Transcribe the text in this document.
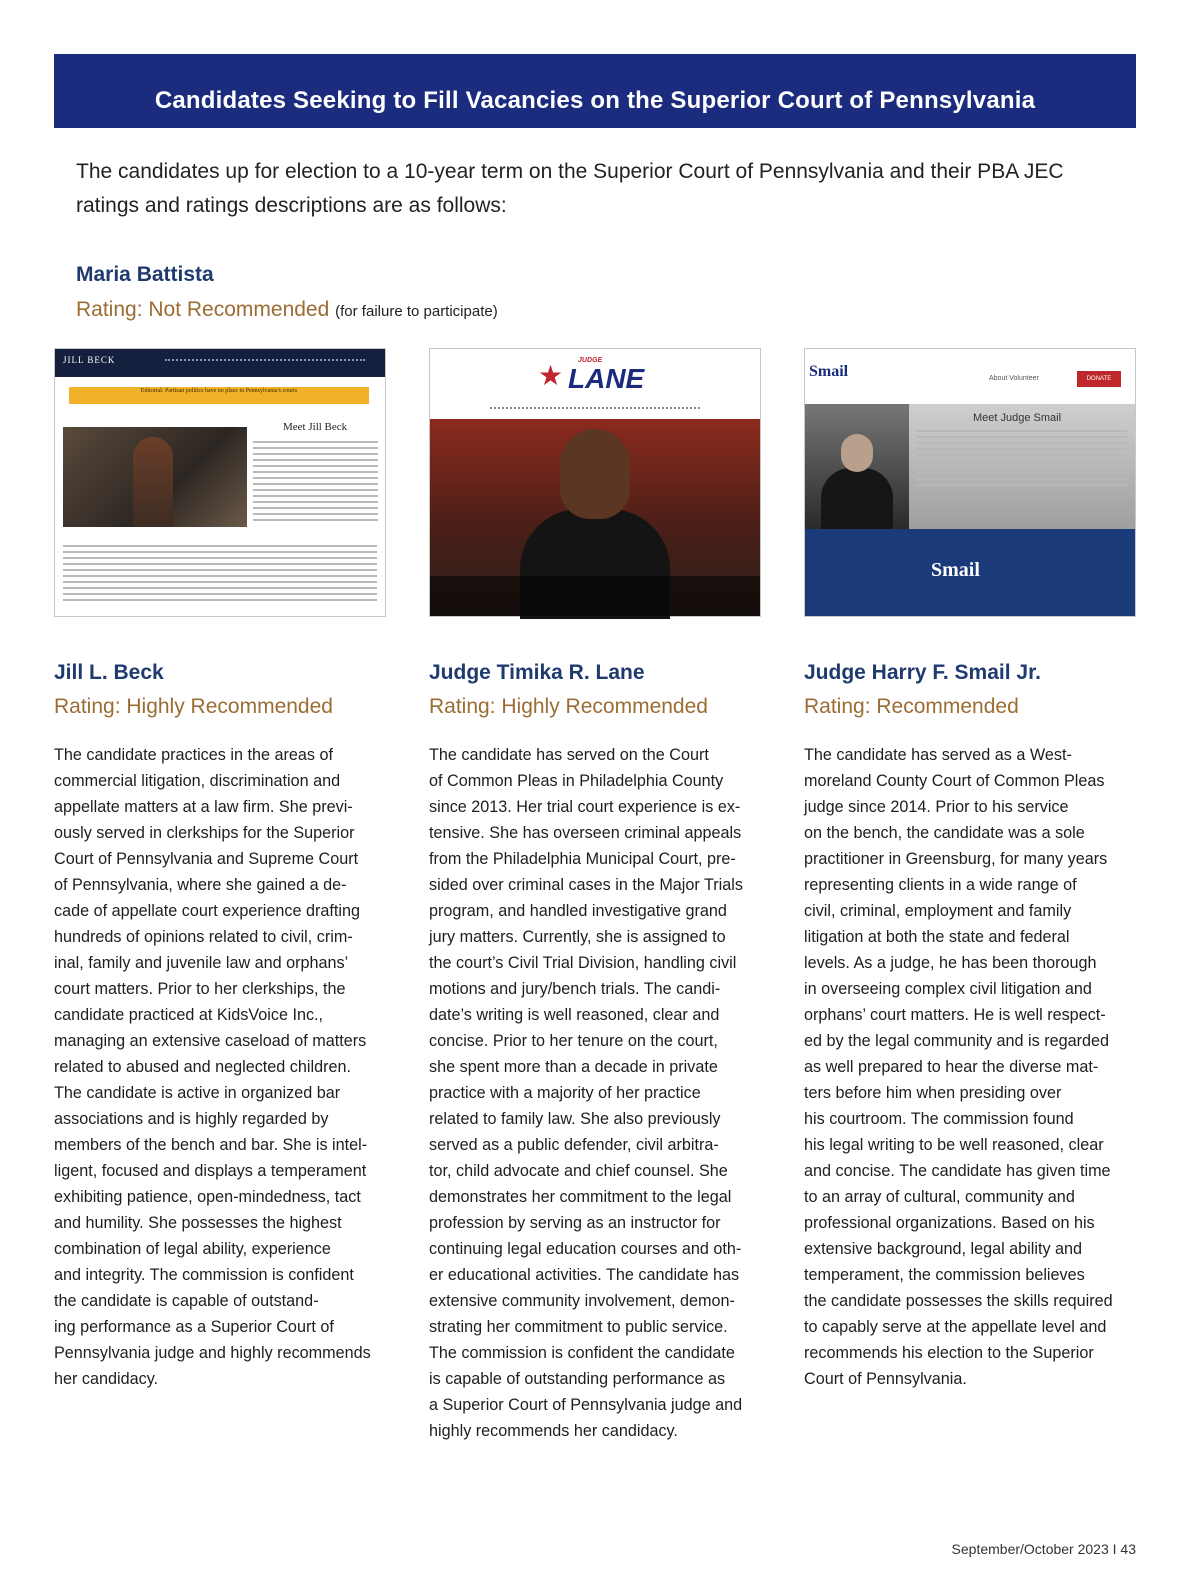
Candidates Seeking to Fill Vacancies on the Superior Court of Pennsylvania

The candidates up for election to a 10-year term on the Superior Court of Pennsylvania and their PBA JEC ratings and ratings descriptions are as follows:

Maria Battista

Rating: Not Recommended (for failure to participate)

JILL BECK
Editorial: Partisan politics have no place in Pennsylvania's courts
Meet Jill Beck
★ JUDGE
LANE
A Life of Public Service
Smail	About Volunteer	DONATE
Meet Judge Smail
Smail

Jill L. Beck

Rating: Highly Recommended

The candidate practices in the areas of
commercial litigation, discrimination and
appellate matters at a law firm. She previ-
ously served in clerkships for the Superior
Court of Pennsylvania and Supreme Court
of Pennsylvania, where she gained a de-
cade of appellate court experience drafting
hundreds of opinions related to civil, crim-
inal, family and juvenile law and orphans’
court matters. Prior to her clerkships, the
candidate practiced at KidsVoice Inc.,
managing an extensive caseload of matters
related to abused and neglected children.
The candidate is active in organized bar
associations and is highly regarded by
members of the bench and bar. She is intel-
ligent, focused and displays a temperament
exhibiting patience, open-mindedness, tact
and humility. She possesses the highest
combination of legal ability, experience
and integrity. The commission is confident
the candidate is capable of outstand-
ing performance as a Superior Court of
Pennsylvania judge and highly recommends
her candidacy.

Judge Timika R. Lane

Rating: Highly Recommended

The candidate has served on the Court
of Common Pleas in Philadelphia County
since 2013. Her trial court experience is ex-
tensive. She has overseen criminal appeals
from the Philadelphia Municipal Court, pre-
sided over criminal cases in the Major Trials
program, and handled investigative grand
jury matters. Currently, she is assigned to
the court’s Civil Trial Division, handling civil
motions and jury/bench trials. The candi-
date’s writing is well reasoned, clear and
concise. Prior to her tenure on the court,
she spent more than a decade in private
practice with a majority of her practice
related to family law. She also previously
served as a public defender, civil arbitra-
tor, child advocate and chief counsel. She
demonstrates her commitment to the legal
profession by serving as an instructor for
continuing legal education courses and oth-
er educational activities. The candidate has
extensive community involvement, demon-
strating her commitment to public service.
The commission is confident the candidate
is capable of outstanding performance as
a Superior Court of Pennsylvania judge and
highly recommends her candidacy.

Judge Harry F. Smail Jr.

Rating: Recommended

The candidate has served as a West-
moreland County Court of Common Pleas
judge since 2014. Prior to his service
on the bench, the candidate was a sole
practitioner in Greensburg, for many years
representing clients in a wide range of
civil, criminal, employment and family
litigation at both the state and federal
levels. As a judge, he has been thorough
in overseeing complex civil litigation and
orphans’ court matters. He is well respect-
ed by the legal community and is regarded
as well prepared to hear the diverse mat-
ters before him when presiding over
his courtroom. The commission found
his legal writing to be well reasoned, clear
and concise. The candidate has given time
to an array of cultural, community and
professional organizations. Based on his
extensive background, legal ability and
temperament, the commission believes
the candidate possesses the skills required
to capably serve at the appellate level and
recommends his election to the Superior
Court of Pennsylvania.

September/October 2023 I 43
